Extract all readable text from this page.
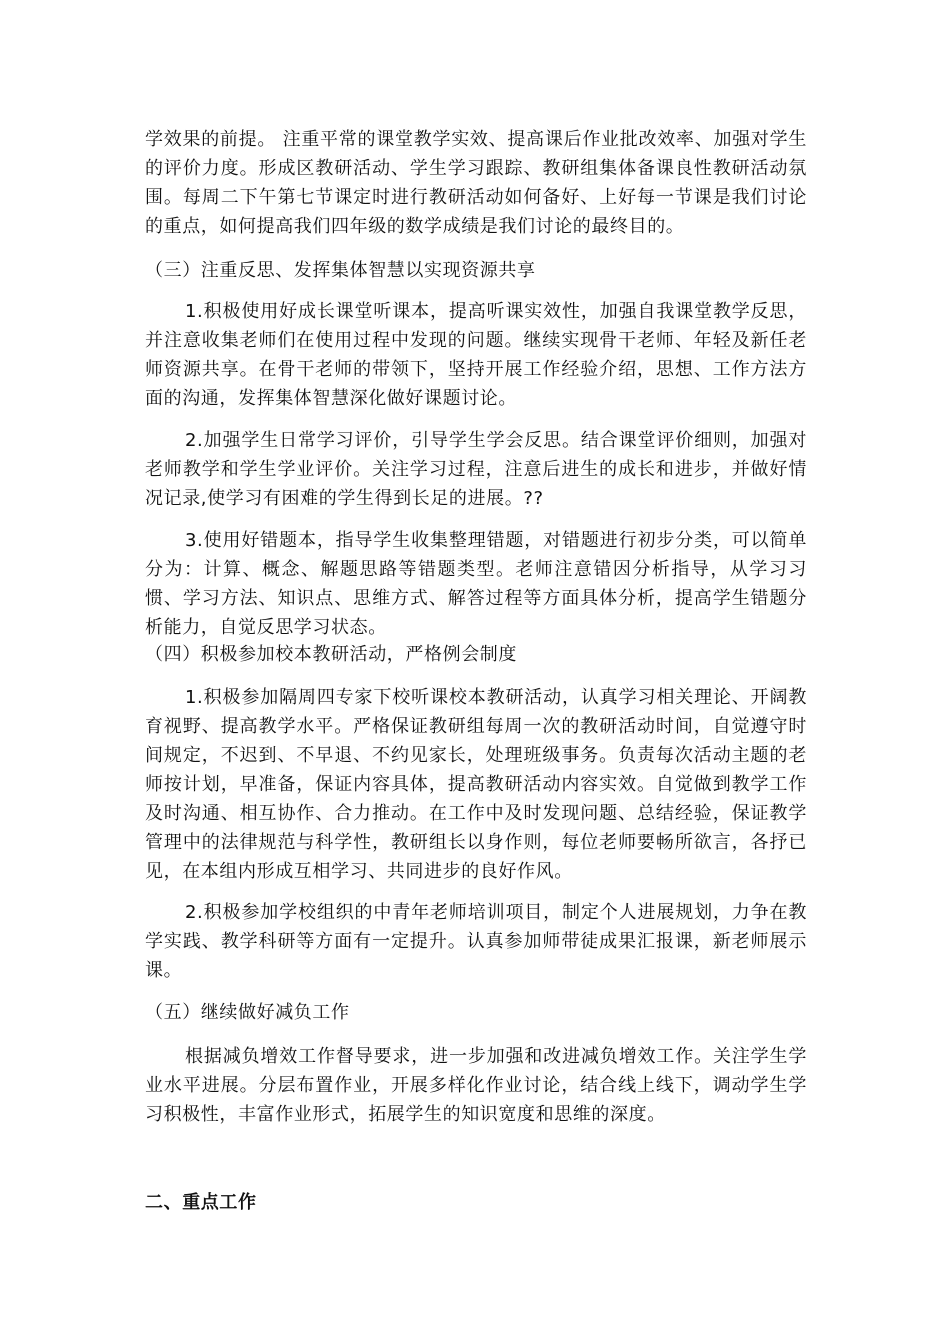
学效果的前提。 注重平常的课堂教学实效、提高课后作业批改效率、加强对学生的评价力度。形成区教研活动、学生学习跟踪、教研组集体备课良性教研活动氛围。每周二下午第七节课定时进行教研活动如何备好、上好每一节课是我们讨论的重点，如何提高我们四年级的数学成绩是我们讨论的最终目的。

（三）注重反思、发挥集体智慧以实现资源共享

1.积极使用好成长课堂听课本，提高听课实效性，加强自我课堂教学反思，并注意收集老师们在使用过程中发现的问题。继续实现骨干老师、年轻及新任老师资源共享。在骨干老师的带领下，坚持开展工作经验介绍，思想、工作方法方面的沟通，发挥集体智慧深化做好课题讨论。

2.加强学生日常学习评价，引导学生学会反思。结合课堂评价细则，加强对老师教学和学生学业评价。关注学习过程，注意后进生的成长和进步，并做好情况记录,使学习有困难的学生得到长足的进展。??

3.使用好错题本，指导学生收集整理错题，对错题进行初步分类，可以简单分为：计算、概念、解题思路等错题类型。老师注意错因分析指导，从学习习惯、学习方法、知识点、思维方式、解答过程等方面具体分析，提高学生错题分析能力，自觉反思学习状态。

（四）积极参加校本教研活动，严格例会制度

1.积极参加隔周四专家下校听课校本教研活动，认真学习相关理论、开阔教育视野、提高教学水平。严格保证教研组每周一次的教研活动时间，自觉遵守时间规定，不迟到、不早退、不约见家长，处理班级事务。负责每次活动主题的老师按计划，早准备，保证内容具体，提高教研活动内容实效。自觉做到教学工作及时沟通、相互协作、合力推动。在工作中及时发现问题、总结经验，保证教学管理中的法律规范与科学性，教研组长以身作则，每位老师要畅所欲言，各抒已见，在本组内形成互相学习、共同进步的良好作风。

2.积极参加学校组织的中青年老师培训项目，制定个人进展规划，力争在教学实践、教学科研等方面有一定提升。认真参加师带徒成果汇报课，新老师展示课。

（五）继续做好减负工作

根据减负增效工作督导要求，进一步加强和改进减负增效工作。关注学生学业水平进展。分层布置作业，开展多样化作业讨论，结合线上线下，调动学生学习积极性，丰富作业形式，拓展学生的知识宽度和思维的深度。

二、重点工作
